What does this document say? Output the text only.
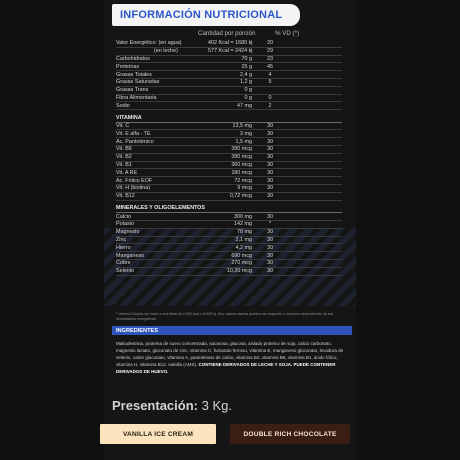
INFORMACIÓN NUTRICIONAL
Cantidad por porción	% VD (*)
Valor Energético: (en agua)	402 Kcal = 1680 kj	20
(en leche)	577 Kcal = 2424 kj	29
Carbohidratos	70 g	23
Proteínas	25 g	45
Grasas Totales	2,4 g	4
Grasas Saturadas	1,2 g	5
Grasas Trans	0 g
Fibra Alimentaria	0 g	0
Sodio	47 mg	2
VITAMINA
Vit. C	13,5 mg	30
Vit. E alfa - TE	3 mg	30
Ac. Pantoténico	1,5 mg	30
Vit. B6	390 mcg	30
Vit. B2	390 mcg	30
Vit. B1	360 mcg	30
Vit. A RE	180 mcg	30
Ac. Fólico EOF	72 mcg	30
Vit. H (biotina)	9 mcg	30
Vit. B12	0,72 mcg	30
MINERALES Y OLIGOELEMENTOS
Calcio	300 mg	30
Potasio	142 mg	*
Magnesio	78 mg	30
Zinc	2,1 mg	30
Hierro	4,2 mg	30
Manganeso	690 mcg	30
Cobre	270 mcg	30
Selenio	10,20 mcg	30
* Valores Diarios con base a una dieta de 2.000 kcal u 8.400 kj. Sus valores diarios pueden ser mayores o menores dependiendo de sus necesidades energéticas.
INGREDIENTES
Maltodextrina, proteína de suero concentrada, sacarosa, glucosa, aislado proteico de soja, calcio carbonato, magnesio lactato, gluconato de zinc, vitamina C, fumarato ferroso, vitamina E, manganeso gluconato, levadura de selenio, cobre gluconato, vitamina A, pantotenato de calcio, vitamina B2, vitamina B6, vitamina B1, ácido fólico, vitamina H, vitamina B12, vainilla (AMS). CONTIENE DERIVADOS DE LECHE Y SOJA. PUEDE CONTENER DERIVADOS DE HUEVO.
Presentación: 3 Kg.
VANILLA ICE CREAM	DOUBLE RICH CHOCOLATE
